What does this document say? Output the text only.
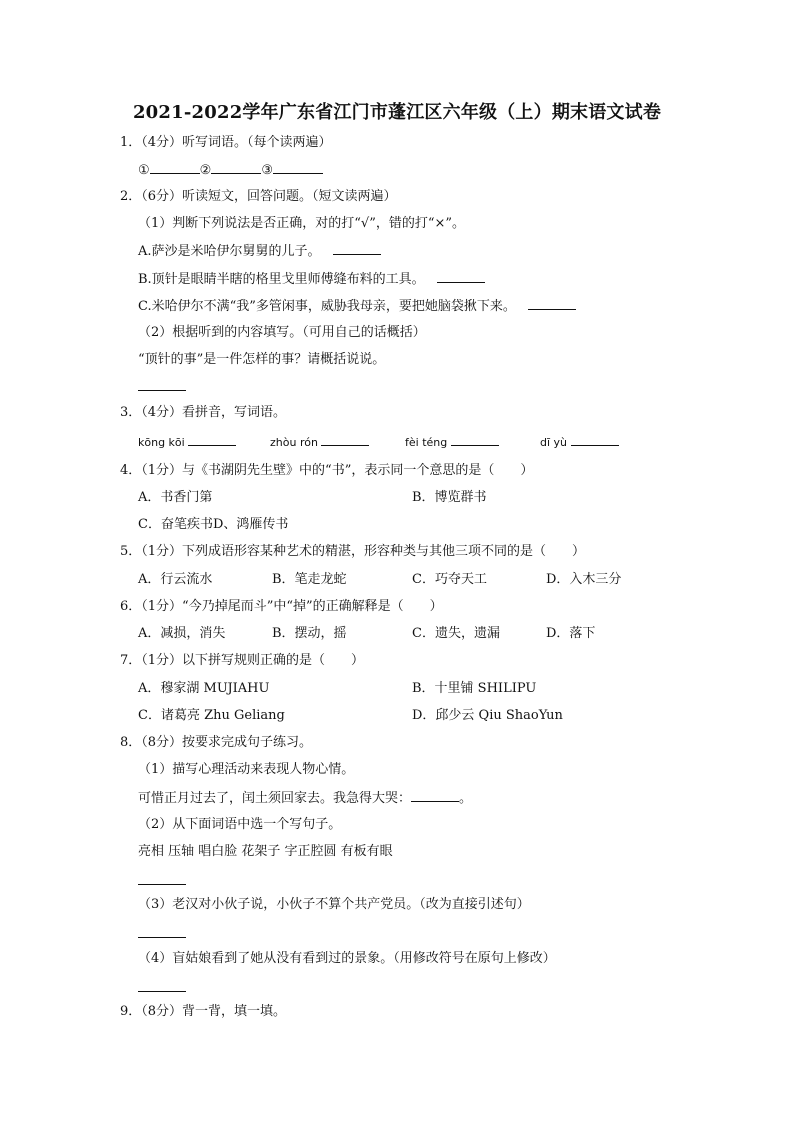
2021-2022学年广东省江门市蓬江区六年级（上）期末语文试卷
1．（4分）听写词语。（每个读两遍）
①	②	③
2．（6分）听读短文，回答问题。（短文读两遍）
（1）判断下列说法是否正确，对的打“√”，错的打“×”。
A.萨沙是米哈伊尔舅舅的儿子。
B.顶针是眼睛半瞎的格里戈里师傅缝布料的工具。
C.米哈伊尔不满“我”多管闲事，威胁我母亲，要把她脑袋揪下来。
（2）根据听到的内容填写。（可用自己的话概括）
“顶针的事”是一件怎样的事？请概括说说。
3．（4分）看拼音，写词语。
kōng kōi	zhòu rón	fèi téng	dī yù
4．（1分）与《书湖阴先生壁》中的“书”，表示同一个意思的是（　　）
A．书香门第	B．博览群书
C．奋笔疾书D、鸿雁传书
5．（1分）下列成语形容某种艺术的精湛，形容种类与其他三项不同的是（　　）
A．行云流水	B．笔走龙蛇	C．巧夺天工	D．入木三分
6．（1分）“今乃掉尾而斗”中“掉”的正确解释是（　　）
A．减损，消失	B．摆动，摇	C．遗失，遗漏	D．落下
7．（1分）以下拼写规则正确的是（　　）
A．穆家湖 MUJIAHU	B．十里铺 SHILIPU
C．诸葛亮 Zhu Geliang	D．邱少云 Qiu ShaoYun
8．（8分）按要求完成句子练习。
（1）描写心理活动来表现人物心情。
可惜正月过去了，闰土须回家去。我急得大哭：	。
（2）从下面词语中选一个写句子。
亮相 压轴 唱白脸 花架子 字正腔圆 有板有眼
（3）老汉对小伙子说，小伙子不算个共产党员。（改为直接引述句）
（4）盲姑娘看到了她从没有看到过的景象。（用修改符号在原句上修改）
9．（8分）背一背，填一填。
